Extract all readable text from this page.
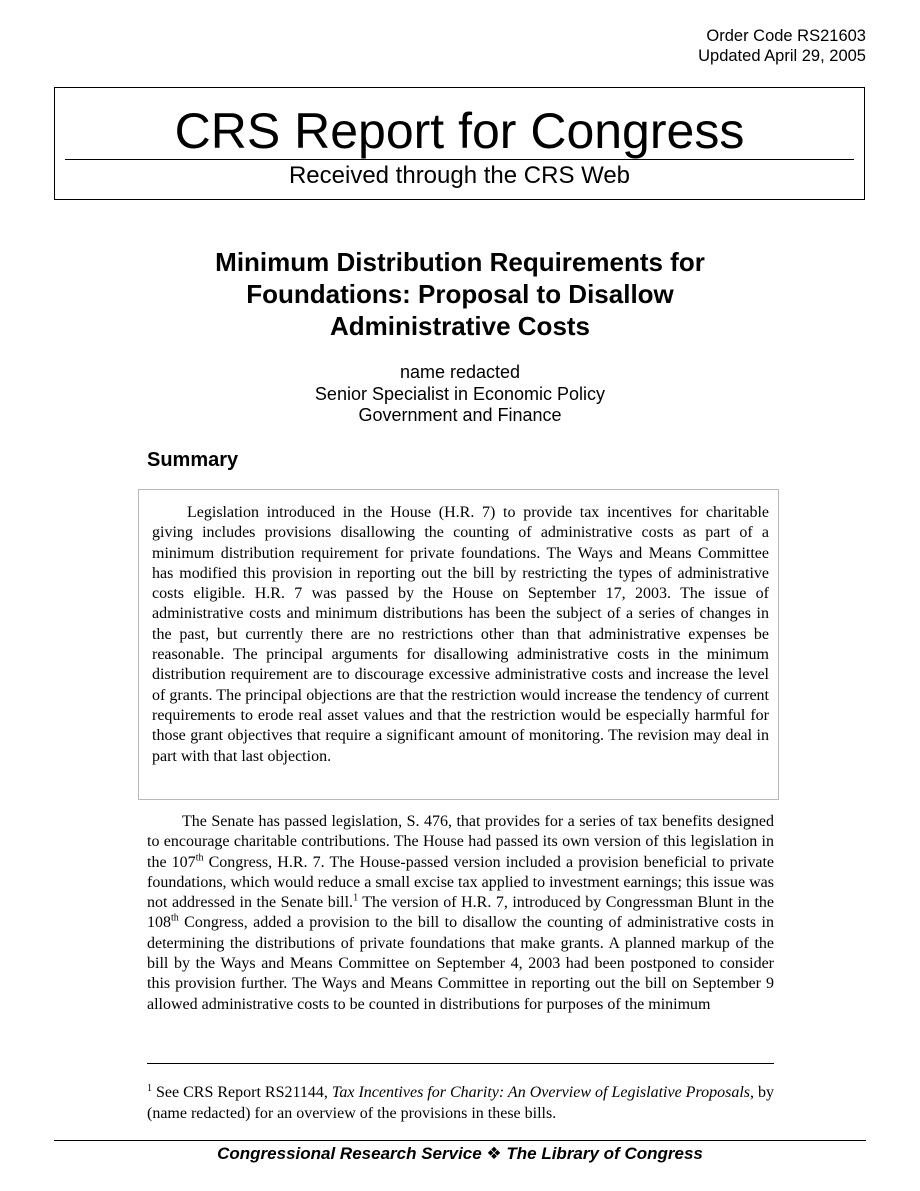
Order Code RS21603
Updated April 29, 2005
CRS Report for Congress
Received through the CRS Web
Minimum Distribution Requirements for
Foundations: Proposal to Disallow
Administrative Costs
name redacted
Senior Specialist in Economic Policy
Government and Finance
Summary

Legislation introduced in the House (H.R. 7) to provide tax incentives for charitable giving includes provisions disallowing the counting of administrative costs as part of a minimum distribution requirement for private foundations. The Ways and Means Committee has modified this provision in reporting out the bill by restricting the types of administrative costs eligible. H.R. 7 was passed by the House on September 17, 2003. The issue of administrative costs and minimum distributions has been the subject of a series of changes in the past, but currently there are no restrictions other than that administrative expenses be reasonable. The principal arguments for disallowing administrative costs in the minimum distribution requirement are to discourage excessive administrative costs and increase the level of grants. The principal objections are that the restriction would increase the tendency of current requirements to erode real asset values and that the restriction would be especially harmful for those grant objectives that require a significant amount of monitoring. The revision may deal in part with that last objection.

The Senate has passed legislation, S. 476, that provides for a series of tax benefits designed to encourage charitable contributions. The House had passed its own version of this legislation in the 107th Congress, H.R. 7. The House-passed version included a provision beneficial to private foundations, which would reduce a small excise tax applied to investment earnings; this issue was not addressed in the Senate bill.$^1$ The version of H.R. 7, introduced by Congressman Blunt in the 108th Congress, added a provision to the bill to disallow the counting of administrative costs in determining the distributions of private foundations that make grants. A planned markup of the bill by the Ways and Means Committee on September 4, 2003 had been postponed to consider this provision further. The Ways and Means Committee in reporting out the bill on September 9 allowed administrative costs to be counted in distributions for purposes of the minimum

$^1$ See CRS Report RS21144, Tax Incentives for Charity: An Overview of Legislative Proposals, by (name redacted) for an overview of the provisions in these bills.

Congressional Research Service ❖ The Library of Congress
